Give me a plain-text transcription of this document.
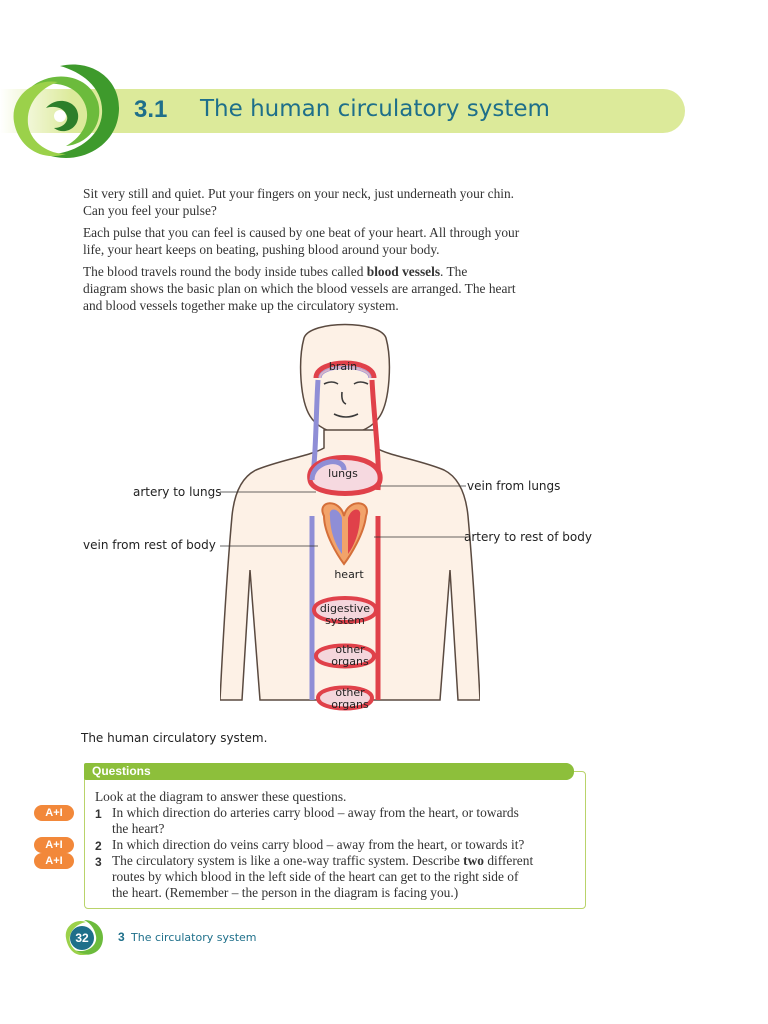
3.1 The human circulatory system
Sit very still and quiet. Put your fingers on your neck, just underneath your chin.
Can you feel your pulse?
Each pulse that you can feel is caused by one beat of your heart. All through your
life, your heart keeps on beating, pushing blood around your body.
The blood travels round the body inside tubes called blood vessels. The
diagram shows the basic plan on which the blood vessels are arranged. The heart
and blood vessels together make up the circulatory system.
brain
lungs
heart
digestive
system
other
organs
other
organs
artery to lungs	vein from lungs
vein from rest of body
artery to rest of body
The human circulatory system.
Questions
Look at the diagram to answer these questions.
A+I	1 In which direction do arteries carry blood – away from the heart, or towards
the heart?
A+I	2 In which direction do veins carry blood – away from the heart, or towards it?
A+I	3 The circulatory system is like a one-way traffic system. Describe two different
routes by which blood in the left side of the heart can get to the right side of
the heart. (Remember – the person in the diagram is facing you.)
32	3 The circulatory system
